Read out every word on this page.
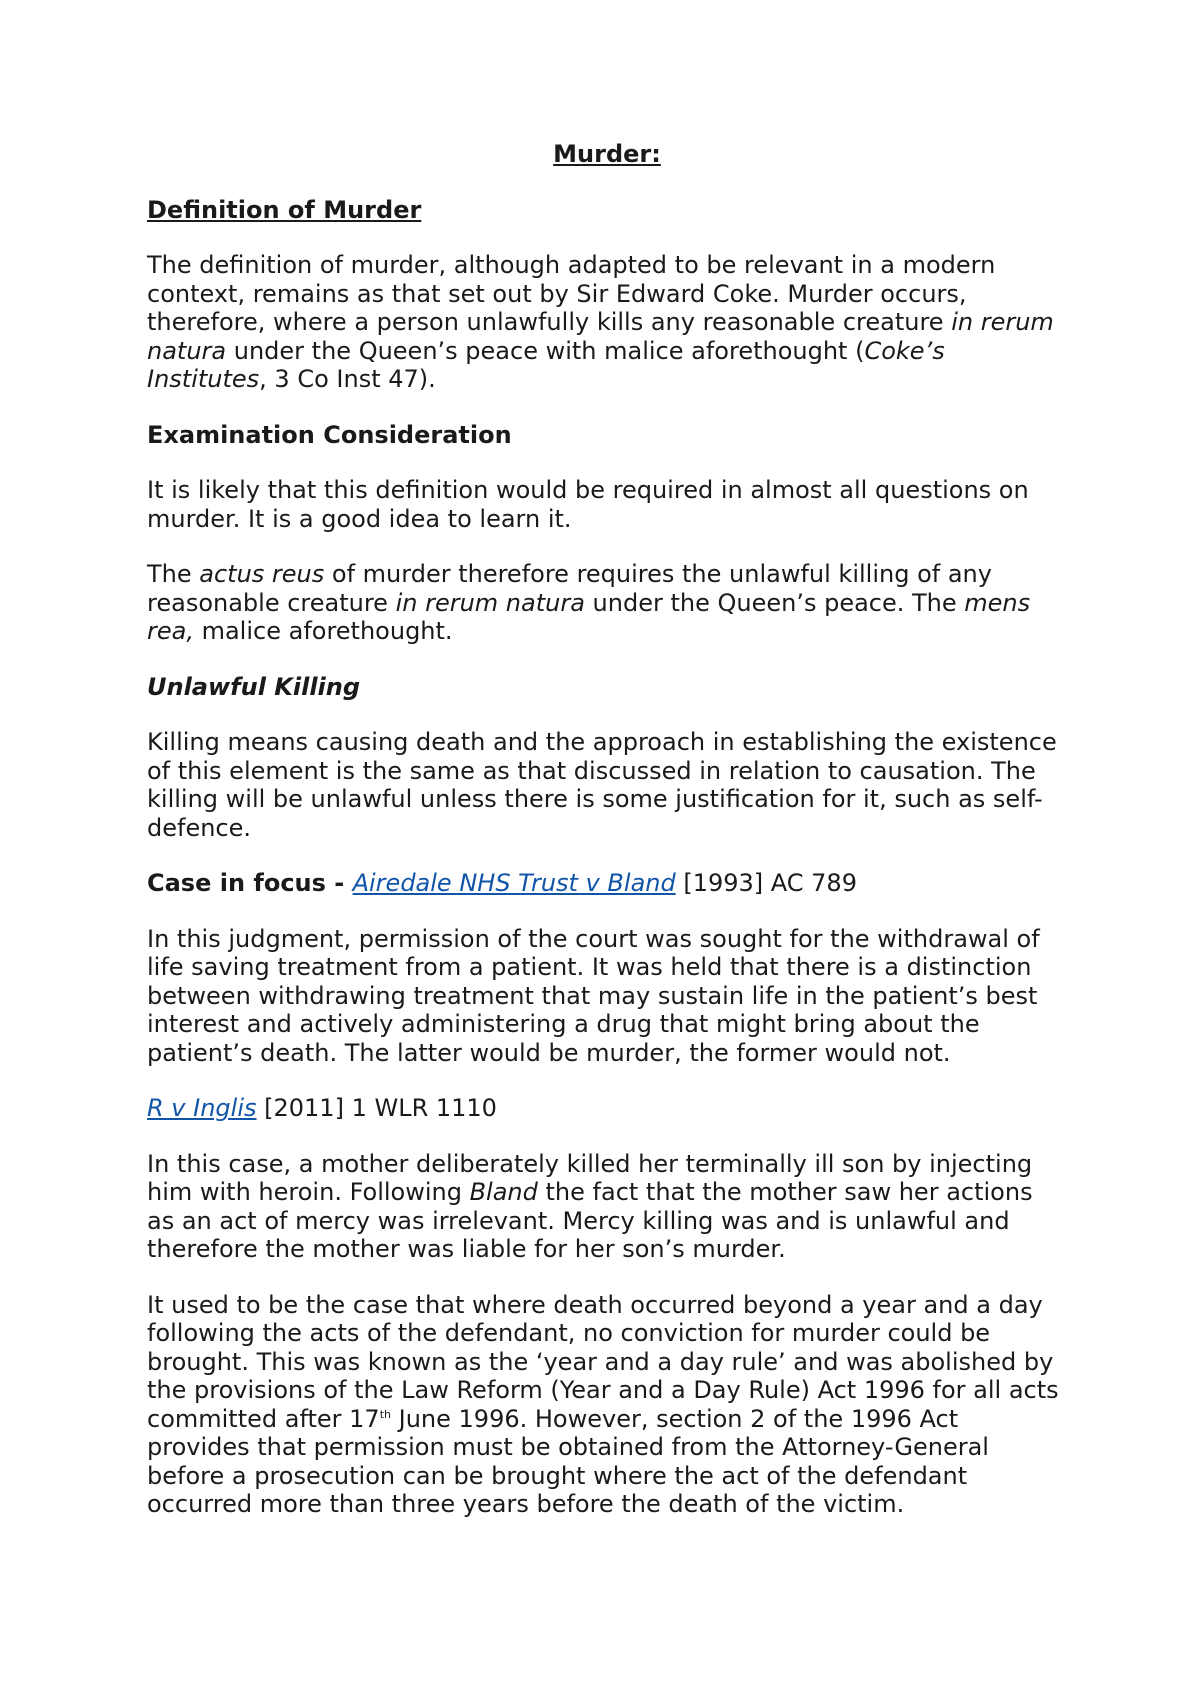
Murder:
Definition of Murder

The definition of murder, although adapted to be relevant in a modern context, remains as that set out by Sir Edward Coke. Murder occurs, therefore, where a person unlawfully kills any reasonable creature in rerum natura under the Queen’s peace with malice aforethought (Coke’s Institutes, 3 Co Inst 47).

Examination Consideration

It is likely that this definition would be required in almost all questions on murder. It is a good idea to learn it.

The actus reus of murder therefore requires the unlawful killing of any reasonable creature in rerum natura under the Queen’s peace. The mens rea, malice aforethought.

Unlawful Killing

Killing means causing death and the approach in establishing the existence of this element is the same as that discussed in relation to causation. The killing will be unlawful unless there is some justification for it, such as self-defence.

Case in focus - Airedale NHS Trust v Bland [1993] AC 789

In this judgment, permission of the court was sought for the withdrawal of life saving treatment from a patient. It was held that there is a distinction between withdrawing treatment that may sustain life in the patient’s best interest and actively administering a drug that might bring about the patient’s death. The latter would be murder, the former would not.

R v Inglis [2011] 1 WLR 1110

In this case, a mother deliberately killed her terminally ill son by injecting him with heroin. Following Bland the fact that the mother saw her actions as an act of mercy was irrelevant. Mercy killing was and is unlawful and therefore the mother was liable for her son’s murder.

It used to be the case that where death occurred beyond a year and a day following the acts of the defendant, no conviction for murder could be brought. This was known as the ‘year and a day rule’ and was abolished by the provisions of the Law Reform (Year and a Day Rule) Act 1996 for all acts committed after 17th June 1996. However, section 2 of the 1996 Act provides that permission must be obtained from the Attorney-General before a prosecution can be brought where the act of the defendant occurred more than three years before the death of the victim.
